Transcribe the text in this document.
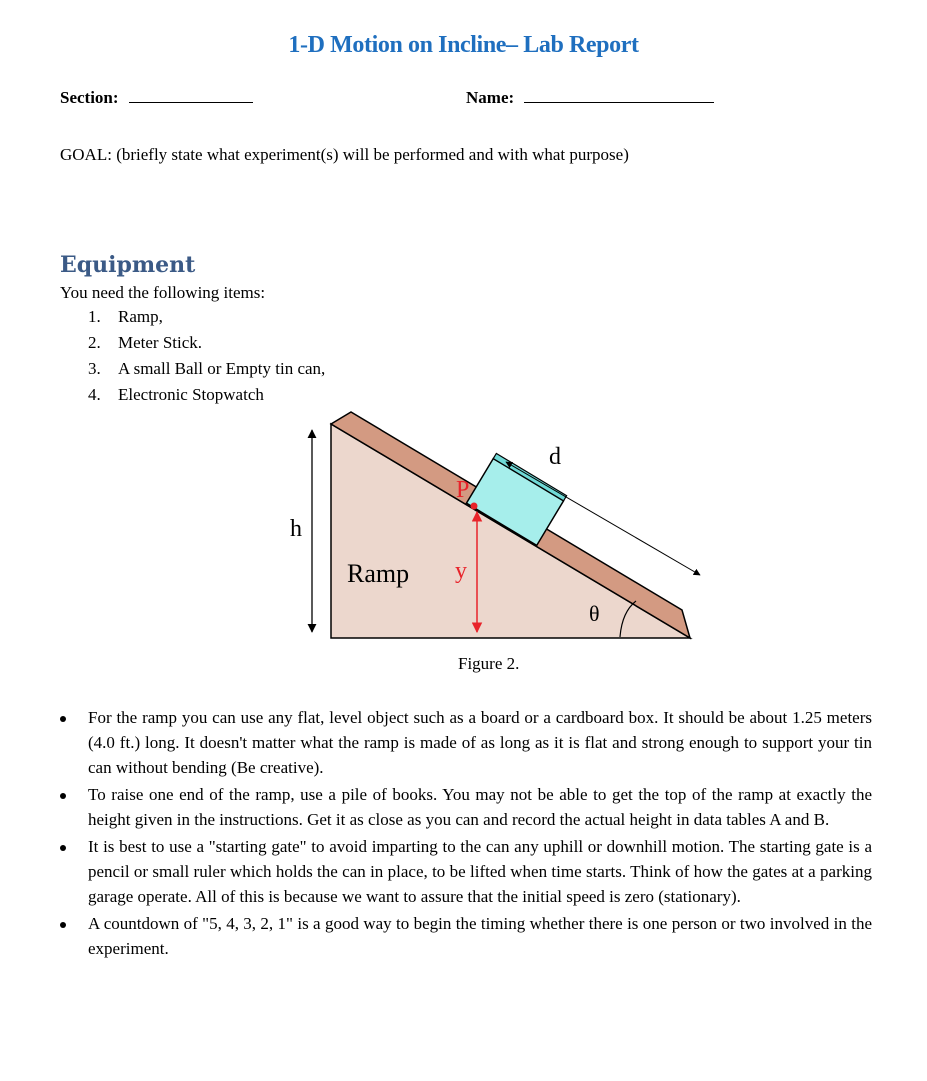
1-D Motion on Incline– Lab Report
Section:	Name:
GOAL: (briefly state what experiment(s) will be performed and with what purpose)
Equipment
You need the following items:
1. Ramp,
2. Meter Stick.
3. A small Ball or Empty tin can,
4. Electronic Stopwatch
h
Ramp y
P
d
θ
Figure 2.
For the ramp you can use any flat, level object such as a board or a cardboard box. It should be about 1.25 meters (4.0 ft.) long. It doesn't matter what the ramp is made of as long as it is flat and strong enough to support your tin can without bending (Be creative).
To raise one end of the ramp, use a pile of books. You may not be able to get the top of the ramp at exactly the height given in the instructions. Get it as close as you can and record the actual height in data tables A and B.
It is best to use a "starting gate" to avoid imparting to the can any uphill or downhill motion. The starting gate is a pencil or small ruler which holds the can in place, to be lifted when time starts. Think of how the gates at a parking garage operate. All of this is because we want to assure that the initial speed is zero (stationary).
A countdown of "5, 4, 3, 2, 1" is a good way to begin the timing whether there is one person or two involved in the experiment.
